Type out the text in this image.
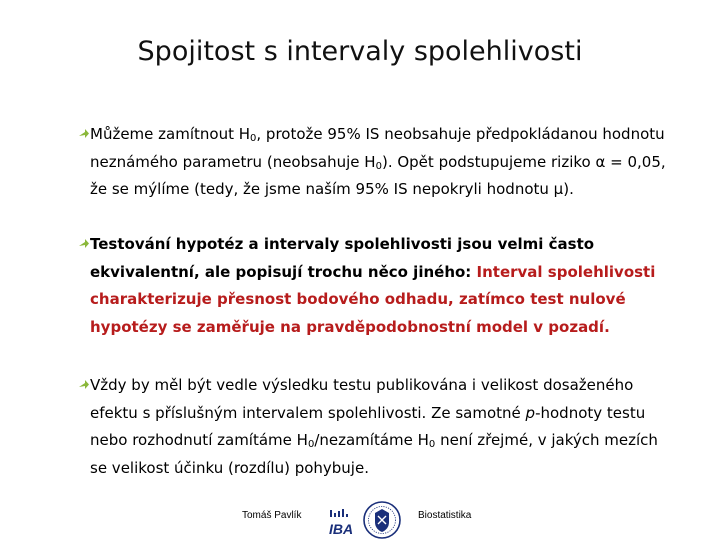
Spojitost s intervaly spolehlivosti
Můžeme zamítnout $H_0$, protože 95% IS neobsahuje předpokládanou hodnotu neznámého parametru (neobsahuje $H_0$). Opět podstupujeme riziko α = 0,05, že se mýlíme (tedy, že jsme naším 95% IS nepokryli hodnotu μ).
Testování hypotéz a intervaly spolehlivosti jsou velmi často ekvivalentní, ale popisují trochu něco jiného: Interval spolehlivosti charakterizuje přesnost bodového odhadu, zatímco test nulové hypotézy se zaměřuje na pravděpodobnostní model v pozadí.
Vždy by měl být vedle výsledku testu publikována i velikost dosaženého efektu s příslušným intervalem spolehlivosti. Ze samotné p-hodnoty testu nebo rozhodnutí zamítáme $H_0$/nezamítáme $H_0$ není zřejmé, v jakých mezích se velikost účinku (rozdílu) pohybuje.
Tomáš Pavlík
IBA
Biostatistika
